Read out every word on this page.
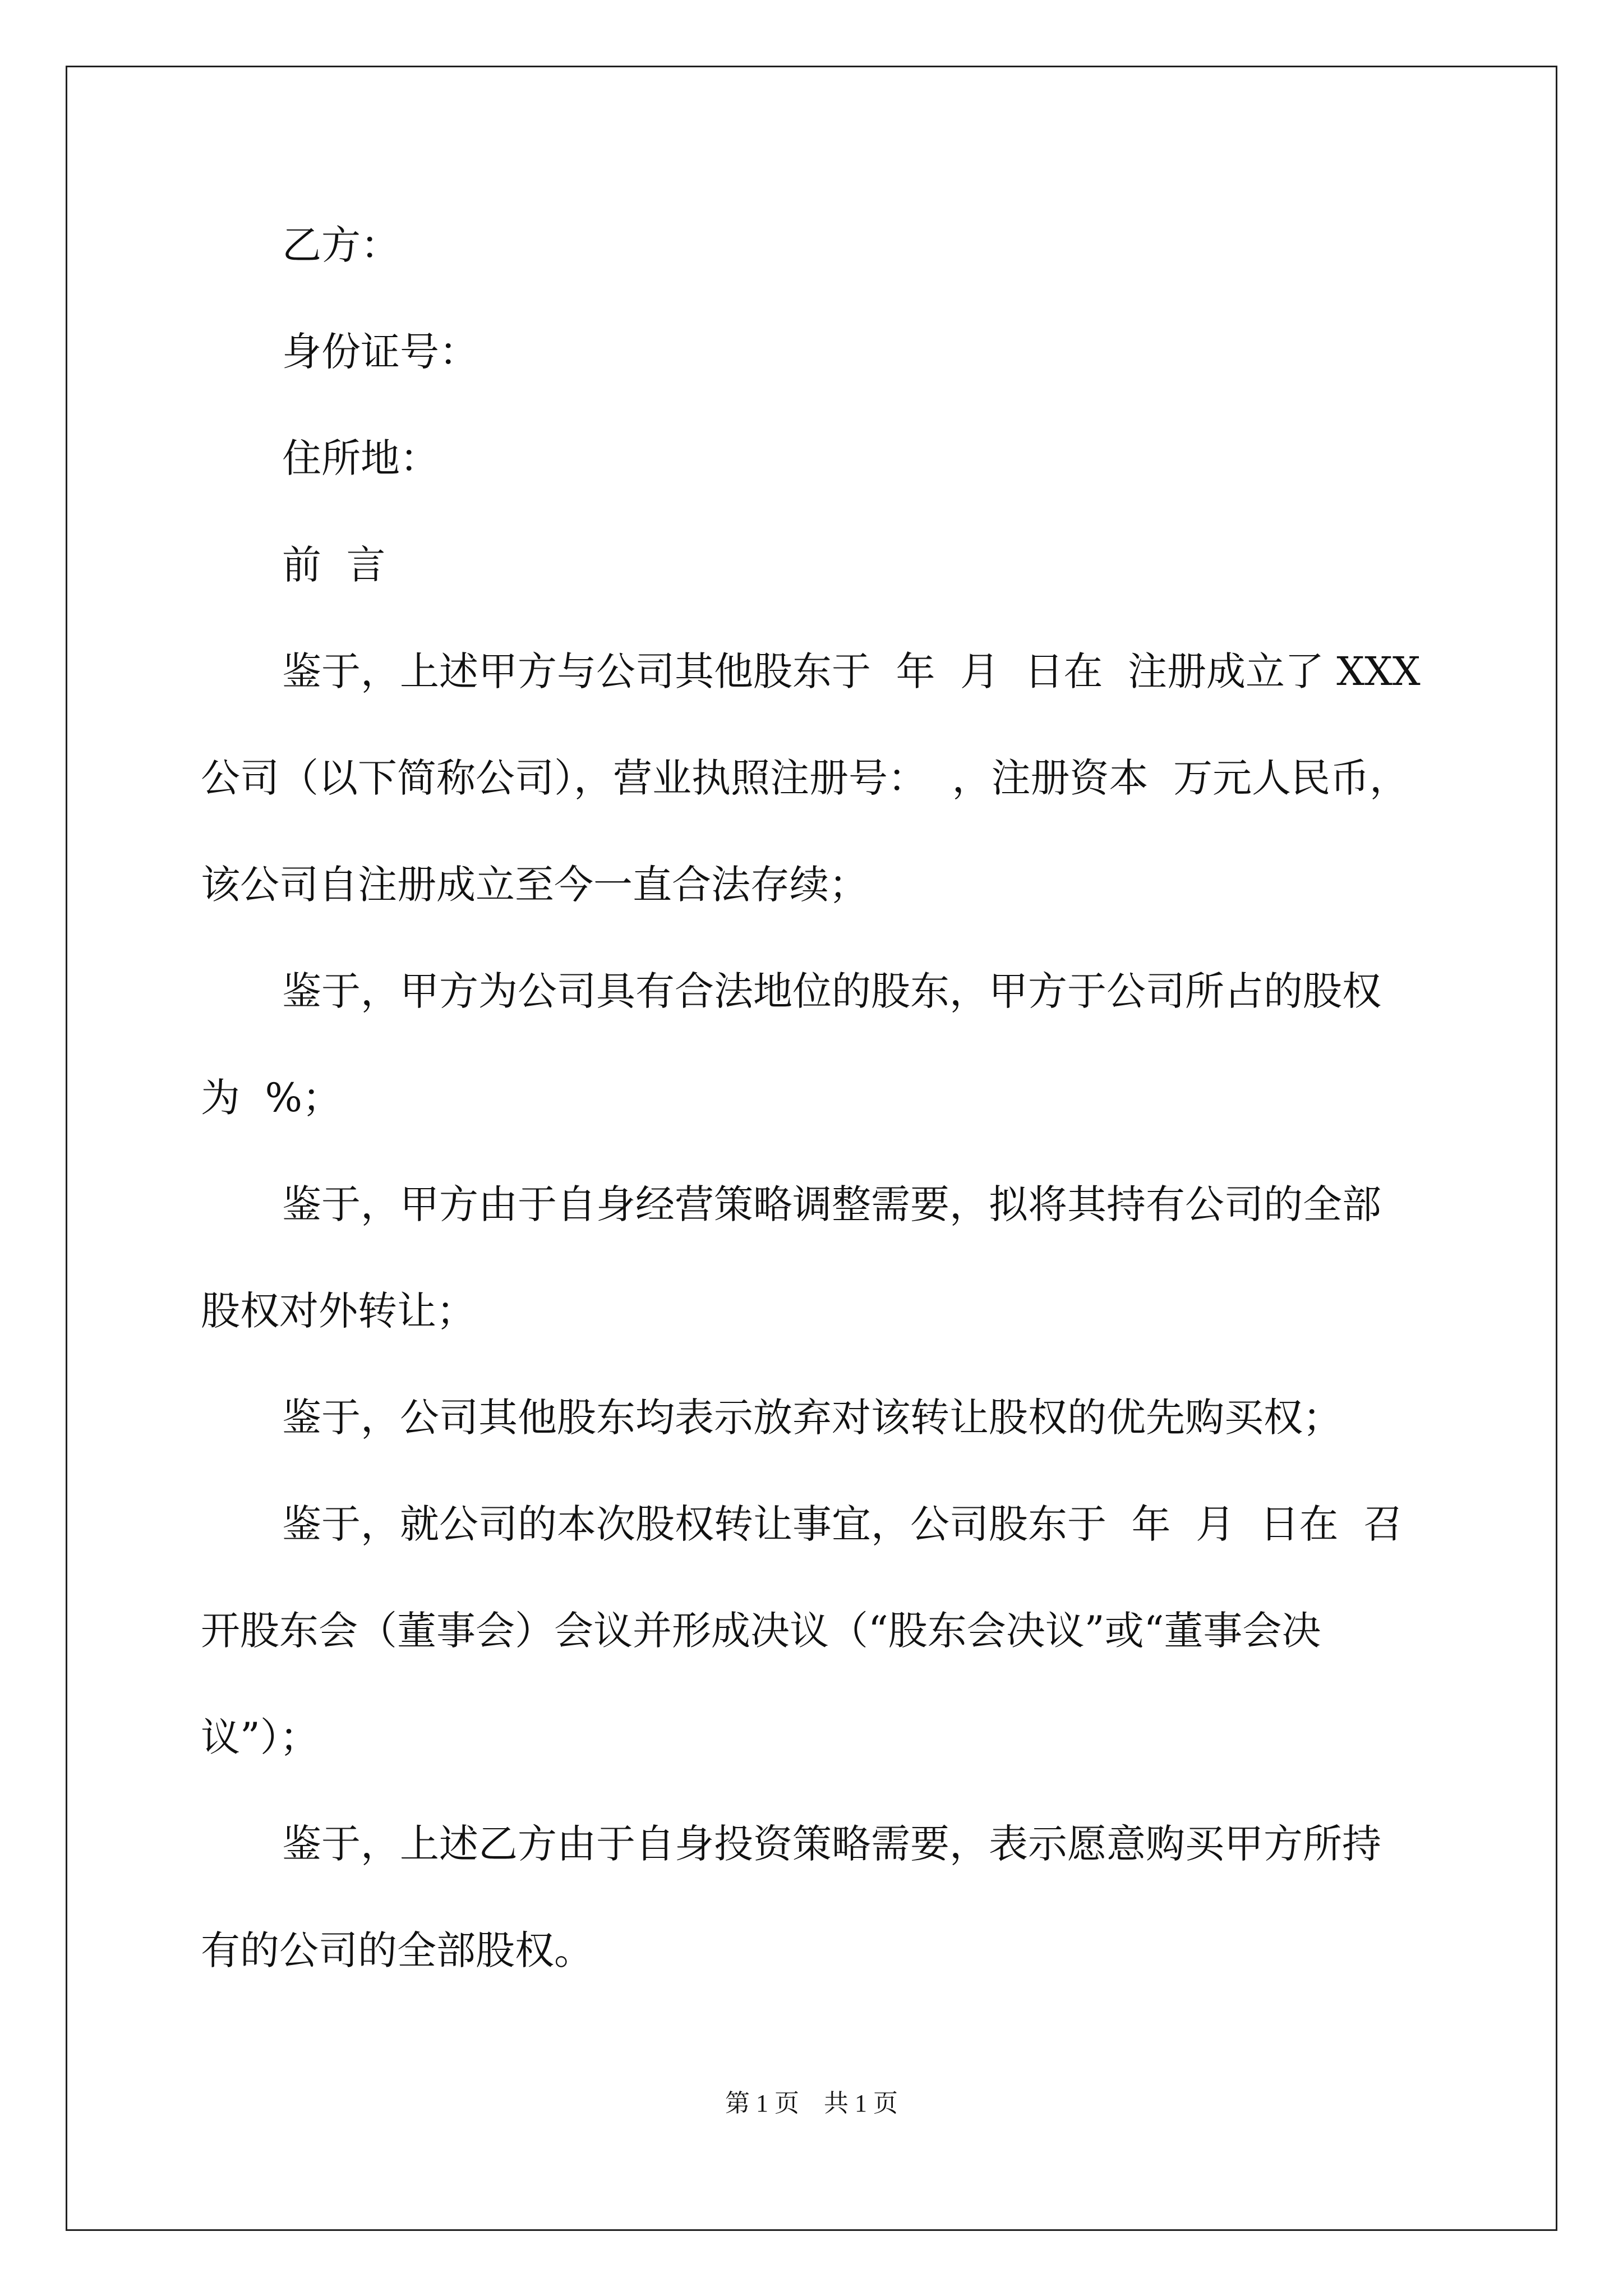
乙方：
身份证号：
住所地：
前  言
鉴于，上述甲方与公司其他股东于  年  月  日在  注册成立了 XXX
公司（以下简称公司），营业执照注册号：  ，注册资本  万元人民币，
该公司自注册成立至今一直合法存续；
鉴于，甲方为公司具有合法地位的股东，甲方于公司所占的股权
为  %；
鉴于，甲方由于自身经营策略调整需要，拟将其持有公司的全部
股权对外转让；
鉴于，公司其他股东均表示放弃对该转让股权的优先购买权；
鉴于，就公司的本次股权转让事宜，公司股东于  年  月  日在  召
开股东会（董事会）会议并形成决议（“股东会决议”或“董事会决
议”）；
鉴于，上述乙方由于自身投资策略需要，表示愿意购买甲方所持
有的公司的全部股权。
第 1 页    共 1 页
